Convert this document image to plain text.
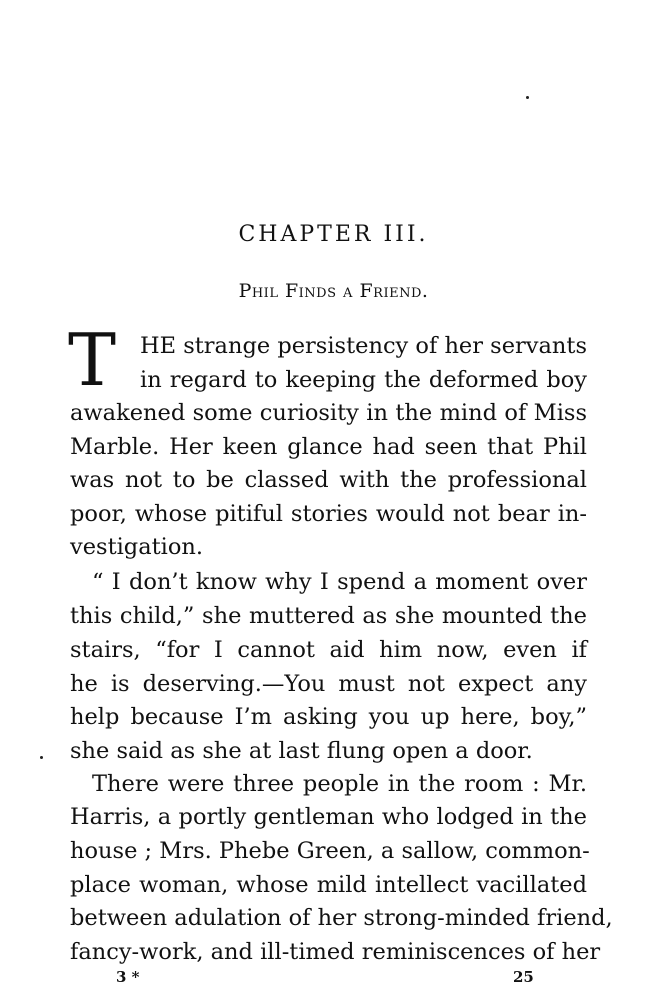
CHAPTER III.
Phil Finds a Friend.
T HE strange persistency of her servants
in regard to keeping the deformed boy
awakened some curiosity in the mind of Miss
Marble. Her keen glance had seen that Phil
was not to be classed with the professional
poor, whose pitiful stories would not bear in-
vestigation.
“ I don’t know why I spend a moment over
this child,” she muttered as she mounted the
stairs, “for I cannot aid him now, even if
he is deserving.—You must not expect any
help because I’m asking you up here, boy,”
she said as she at last flung open a door.
There were three people in the room : Mr.
Harris, a portly gentleman who lodged in the
house ; Mrs. Phebe Green, a sallow, common-
place woman, whose mild intellect vacillated
between adulation of her strong-minded friend,
fancy-work, and ill-timed reminiscences of her
3 *	25
